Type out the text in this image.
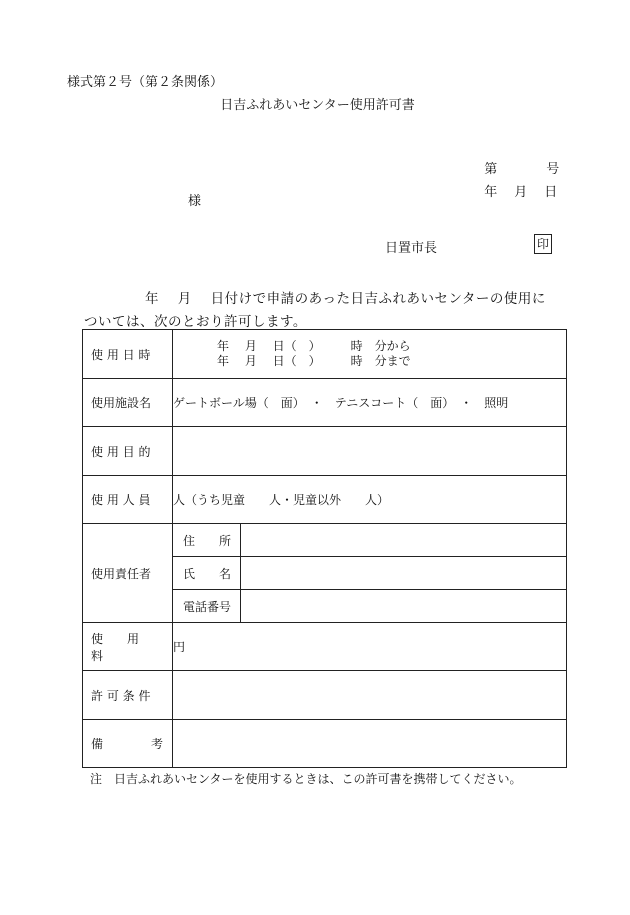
様式第２号（第２条関係）
日吉ふれあいセンター使用許可書

第	号

年 月 日

様
日置市長	印
年　 月　 日付けで申請のあった日吉ふれあいセンターの使用に
ついては、次のとおり許可します。
使 用 日 時	年　 月　 日（　）　　　時　分から
年　 月　 日（　）　　　時　分まで	

使用施設名	ゲートボール場（　面）　・　テニスコート（　面）　・　照明	
使 用 目 的		
使 用 人 員	人（うち児童　　人・児童以外　　人）	
使用責任者	住　　所	
	氏　　名	
	電話番号	
使　　用　　料	円	
許 可 条 件		
備　　　　考		
注　日吉ふれあいセンターを使用するときは、この許可書を携帯してください。
